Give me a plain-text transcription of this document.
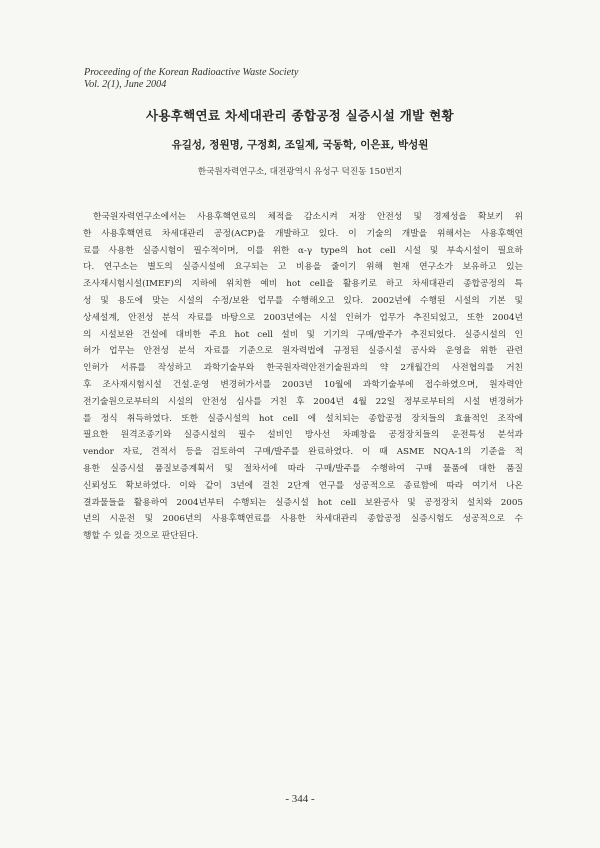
Proceeding of the Korean Radioactive Waste Society
Vol. 2(1), June 2004
사용후핵연료 차세대관리 종합공정 실증시설 개발 현황
유길성, 정원명, 구정회, 조일제, 국동학, 이은표, 박성원
한국원자력연구소, 대전광역시 유성구 덕진동 150번지
한국원자력연구소에서는 사용후핵연료의 체적을 감소시켜 저장 안전성 및 경제성을 확보키 위
한 사용후핵연료 차세대관리 공정(ACP)을 개발하고 있다. 이 기술의 개발을 위해서는 사용후핵연
료를 사용한 실증시험이 필수적이며, 이를 위한 α-γ type의 hot cell 시설 및 부속시설이 필요하
다. 연구소는 별도의 실증시설에 요구되는 고 비용을 줄이기 위해 현재 연구소가 보유하고 있는
조사재시험시설(IMEF)의 지하에 위치한 예비 hot cell을 활용키로 하고 차세대관리 종합공정의 특
성 및 용도에 맞는 시설의 수정/보완 업무를 수행해오고 있다. 2002년에 수행된 시설의 기본 및
상세설계, 안전성 분석 자료를 바탕으로 2003년에는 시설 인허가 업무가 추진되었고, 또한 2004년
의 시설보완 건설에 대비한 주요 hot cell 설비 및 기기의 구매/발주가 추진되었다. 실증시설의 인
허가 업무는 안전성 분석 자료를 기준으로 원자력법에 규정된 실증시설 공사와 운영을 위한 관련
인허가 서류를 작성하고 과학기술부와 한국원자력안전기술원과의 약 2개월간의 사전협의를 거친
후 조사재시험시설 건설.운영 변경허가서를 2003년 10월에 과학기술부에 접수하였으며, 원자력안
전기술원으로부터의 시설의 안전성 심사를 거친 후 2004년 4월 22일 정부로부터의 시설 변경허가
를 정식 취득하였다. 또한 실증시설의 hot cell 에 설치되는 종합공정 장치들의 효율적인 조작에
필요한 원격조종기와 실증시설의 필수 설비인 방사선 차폐창을 공정장치들의 운전특성 분석과
vendor 자료, 견적서 등을 검토하여 구매/발주를 완료하였다. 이 때 ASME NQA-1의 기준을 적
용한 실증시설 품질보증계획서 및 절차서에 따라 구매/발주를 수행하여 구매 물품에 대한 품질
신뢰성도 확보하였다. 이와 같이 3년에 걸친 2단계 연구를 성공적으로 종료함에 따라 여기서 나온
결과물들을 활용하여 2004년부터 수행되는 실증시설 hot cell 보완공사 및 공정장치 설치와 2005
년의 시운전 및 2006년의 사용후핵연료를 사용한 차세대관리 종합공정 실증시험도 성공적으로 수
행할 수 있을 것으로 판단된다.
- 344 -
